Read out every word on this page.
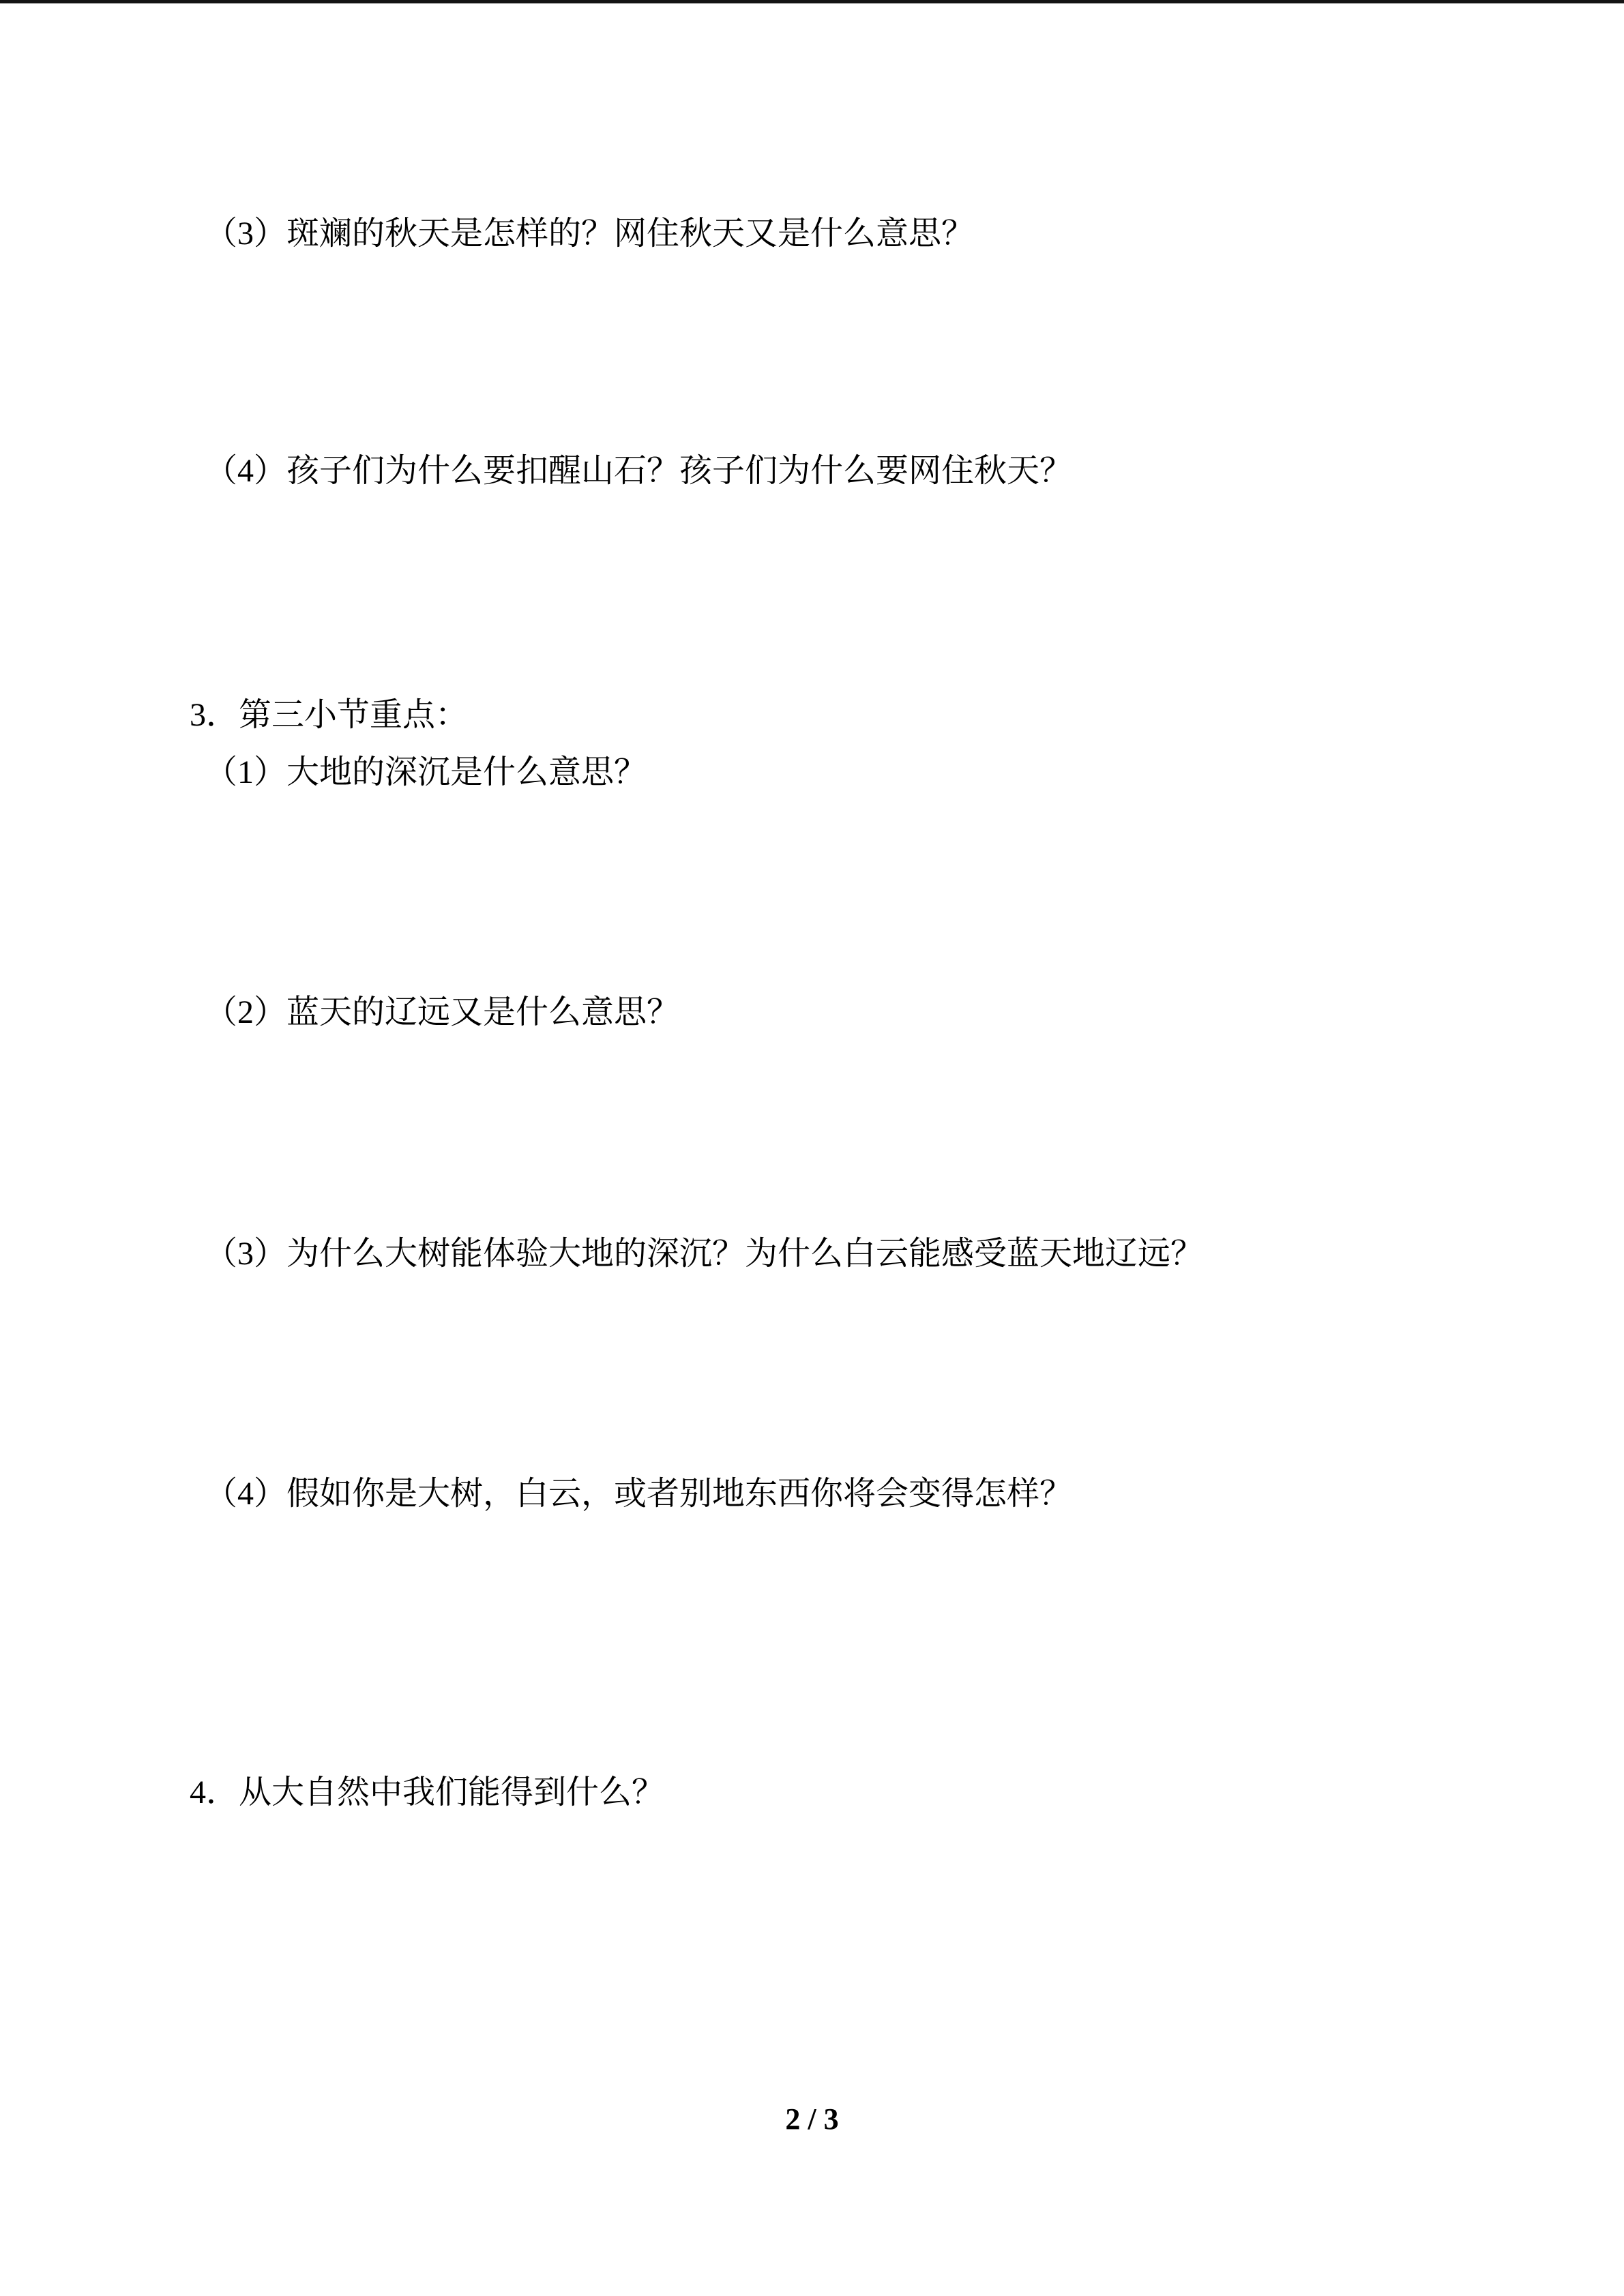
（3）斑斓的秋天是怎样的？网住秋天又是什么意思？
（4）孩子们为什么要扣醒山石？孩子们为什么要网住秋天？
3．第三小节重点：
（1）大地的深沉是什么意思？
（2）蓝天的辽远又是什么意思？
（3）为什么大树能体验大地的深沉？为什么白云能感受蓝天地辽远？
（4）假如你是大树，白云，或者别地东西你将会变得怎样？
4．从大自然中我们能得到什么？
2 / 3
